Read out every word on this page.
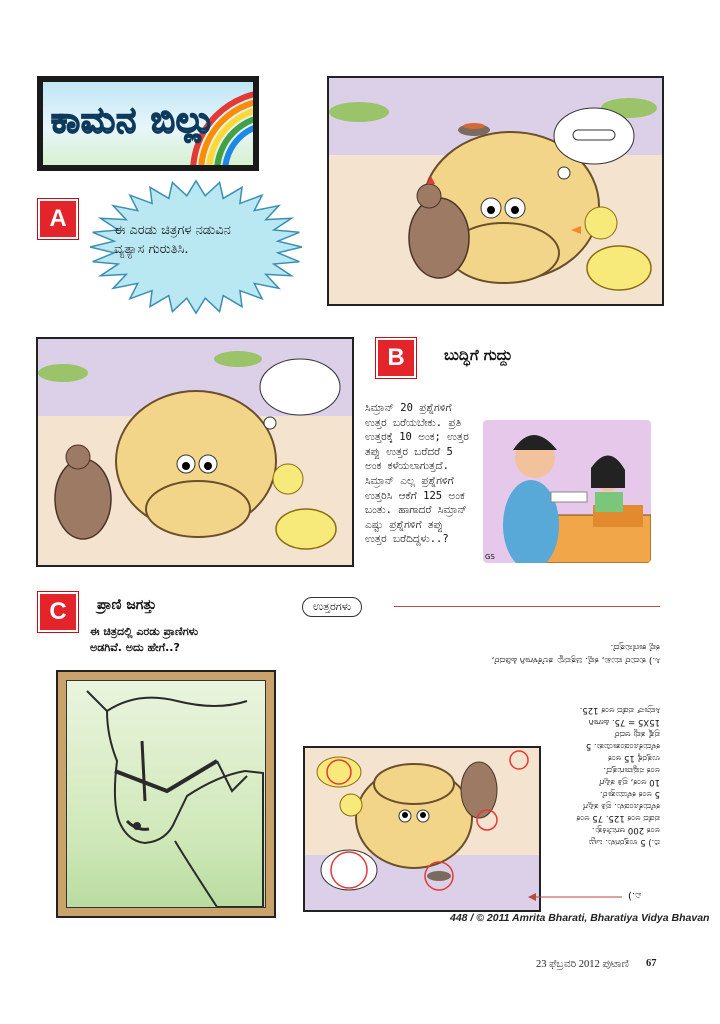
ಕಾಮನ ಬಿಲ್ಲು
A	ಈ ಎರಡು ಚಿತ್ರಗಳ ನಡುವಿನ ವ್ಯತ್ಯಾಸ ಗುರುತಿಸಿ.
B	ಬುದ್ಧಿಗೆ ಗುದ್ದು
ಸಿಮ್ರಾನ್ 20 ಪ್ರಶ್ನೆಗಳಿಗೆ
ಉತ್ತರ ಬರೆಯಬೇಕು. ಪ್ರತಿ
ಉತ್ತರಕ್ಕೆ 10 ಅಂಕ; ಉತ್ತರ
ತಪ್ಪು ಉತ್ತರ ಬರೆದರೆ 5
ಅಂಕ ಕಳೆಯಲಾಗುತ್ತದೆ.
ಸಿಮ್ರಾನ್ ಎಲ್ಲ ಪ್ರಶ್ನೆಗಳಿಗೆ
ಉತ್ತರಿಸಿ ಆಕೆಗೆ 125 ಅಂಕ
ಬಂತು. ಹಾಗಾದರೆ ಸಿಮ್ರಾನ್
ಎಷ್ಟು ಪ್ರಶ್ನೆಗಳಿಗೆ ತಪ್ಪು
ಉತ್ತರ ಬರೆದಿದ್ದಳು..?
GS
C	ಪ್ರಾಣಿ ಜಗತ್ತು
ಈ ಚಿತ್ರದಲ್ಲಿ ಎರಡು ಪ್ರಾಣಿಗಳು
ಅಡಗಿವೆ. ಅದು ಹೇಗೆ..?
ಉತ್ತರಗಳು
ಸಿ.) ಕುದುರೆ ಮುಖ, ಕಪ್ಪೆ. ಚಿತ್ರವನ್ನು ತಲೆಕೆಳಗಾಗಿ ಹಿಡಿದರೆ,
ಕಪ್ಪೆ ಕಾಣಿಸುತ್ತದೆ.
ಬಿ.) 5 ಉತ್ತರಗಳು. ಒಟ್ಟು
ಅಂಕ 200 ಆಗಬೇಕಿತ್ತು.
ಪಡೆದ ಅಂಕ 125. 75 ಅಂಕ
ಕಳೆದುಕೊಂಡಳು. ಪ್ರತಿ ತಪ್ಪಿಗೆ
5 ಅಂಕ ಕಳೆಯುತ್ತಾರೆ.
10 ಅಂಕ, ಪ್ರತಿ ತಪ್ಪಿಗೆ
ಅಂಕ ನಷ್ಟವಾಗುತ್ತದೆ.
ಉತ್ತರಕ್ಕೆ 15 ಅಂಕ
ಕಳೆದುಕೊಂಡಂತಾಯಿತು. 5
ಪ್ರಶ್ನೆ ತಪ್ಪು ಆದರೆ
15X5 = 75. ಹೀಗಾಗಿ
ಸಿಮ್ರಾನ್ ಪಡೆದ ಅಂಕ 125.
ಎ.)
448 / © 2011 Amrita Bharati, Bharatiya Vidya Bhavan
23 ಫೆಬ್ರವರಿ 2012 ಪುಟಾಣಿ 67
